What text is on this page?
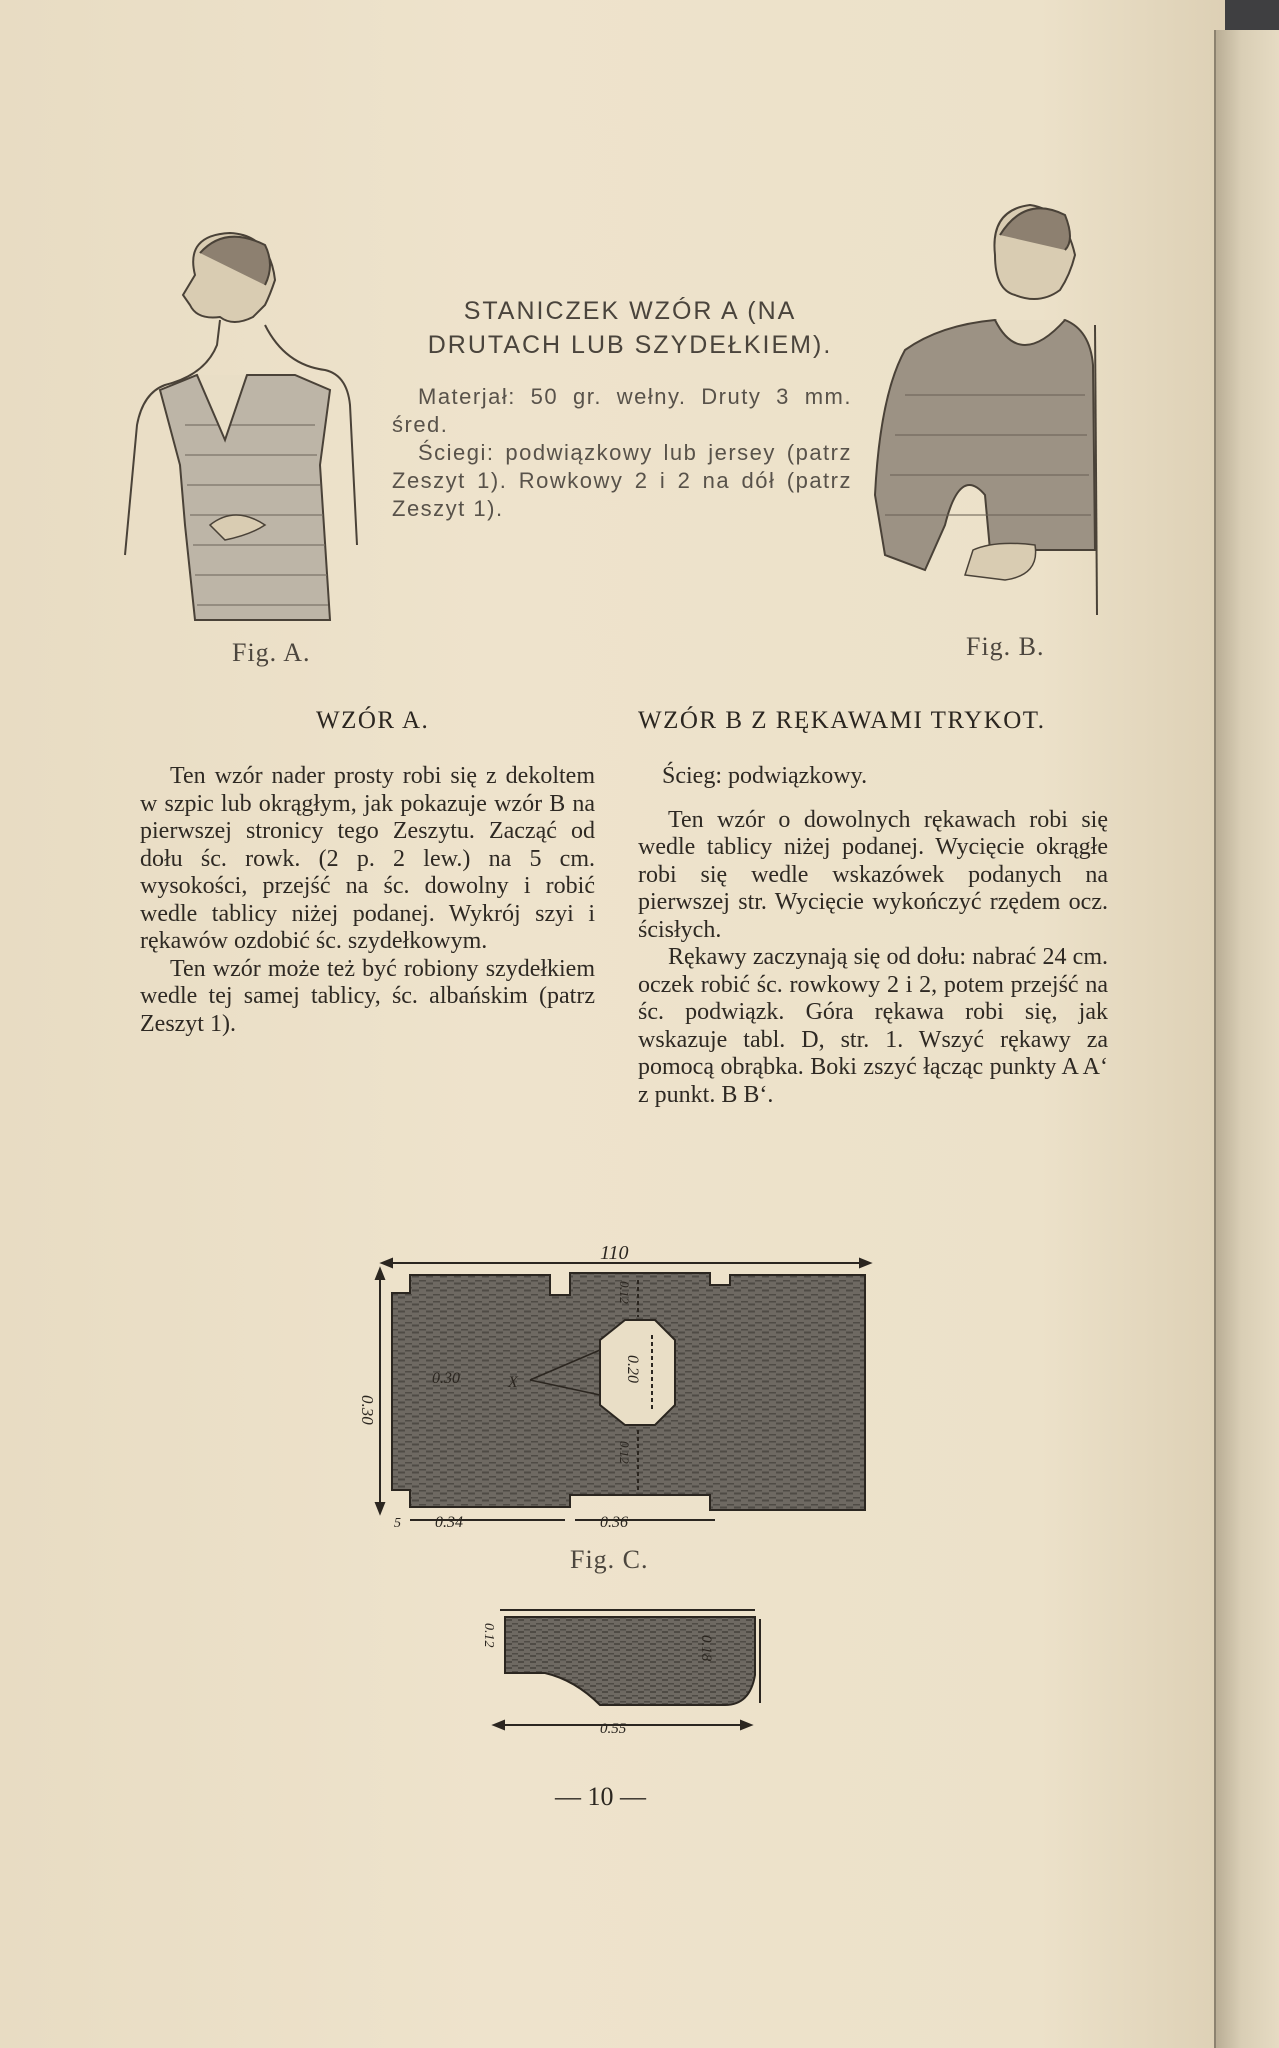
STANICZEK WZÓR A (NA DRUTACH LUB SZYDEŁKIEM).

Materjał: 50 gr. wełny. Druty 3 mm. śred.

Ściegi: podwiązkowy lub jersey (patrz Zeszyt 1). Rowkowy 2 i 2 na dół (patrz Zeszyt 1).

Fig. A.	Fig. B.
WZÓR A.

Ten wzór nader prosty robi się z dekoltem w szpic lub okrągłym, jak pokazuje wzór B na pierwszej stronicy tego Zeszytu. Zacząć od dołu śc. rowk. (2 p. 2 lew.) na 5 cm. wysokości, przejść na śc. dowolny i robić wedle tablicy niżej podanej. Wykrój szyi i rękawów ozdobić śc. szydełkowym.

Ten wzór może też być robiony szydełkiem wedle tej samej tablicy, śc. albańskim (patrz Zeszyt 1).

WZÓR B Z RĘKAWAMI TRYKOT.

Ścieg: podwiązkowy.

Ten wzór o dowolnych rękawach robi się wedle tablicy niżej podanej. Wycięcie okrągłe robi się wedle wskazówek podanych na pierwszej str. Wycięcie wykończyć rzędem ocz. ścisłych.

Rękawy zaczynają się od dołu: nabrać 24 cm. oczek robić śc. rowkowy 2 i 2, potem przejść na śc. podwiązk. Góra rękawa robi się, jak wskazuje tabl. D, str. 1. Wszyć rękawy za pomocą obrąbka. Boki zszyć łącząc punkty A A‘ z punkt. B B‘.

110
0.30
0.30	X	0.20
0.12
0.12
5 0.34	0.36
Fig. C.
0.12	0.18
0.55
— 10 —
